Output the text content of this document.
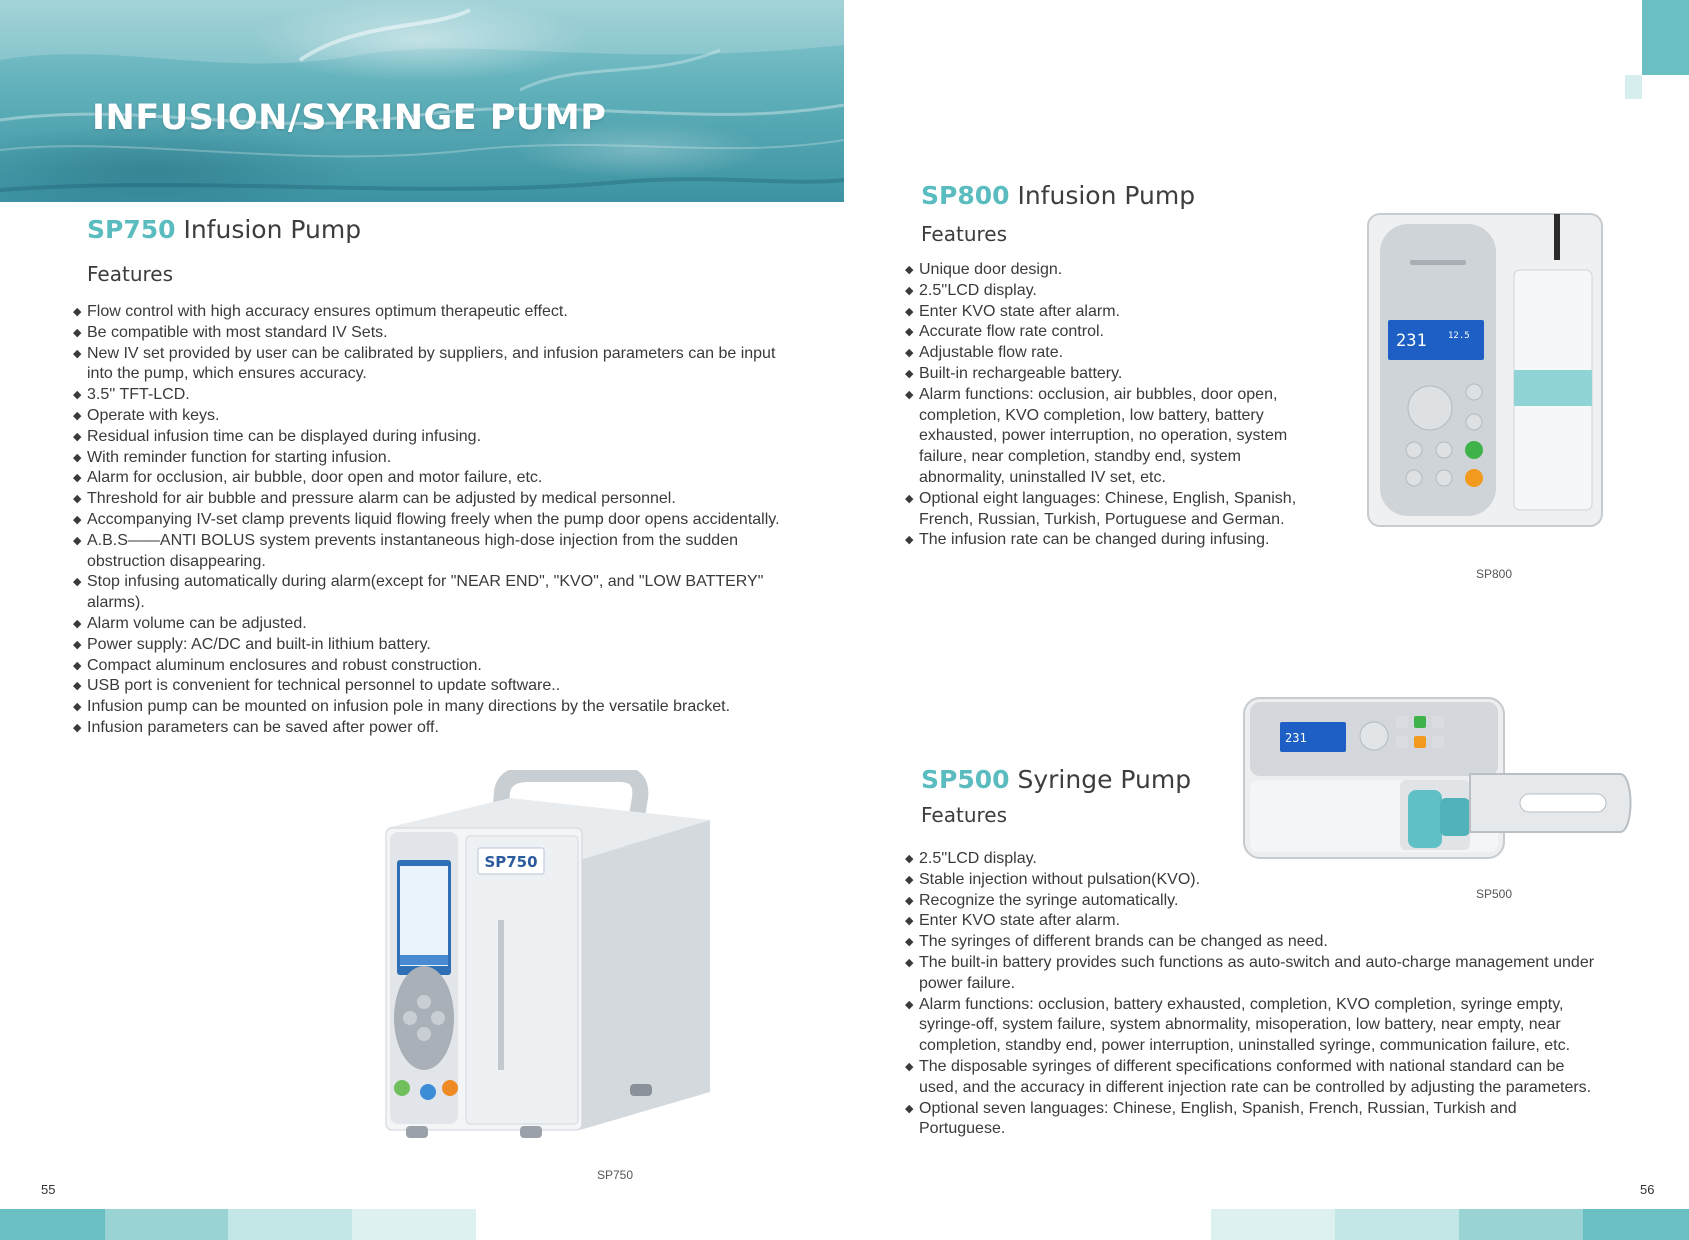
INFUSION/SYRINGE PUMP
SP750 Infusion Pump
Features
◆ Flow control with high accuracy ensures optimum therapeutic effect.
◆ Be compatible with most standard IV Sets.
◆ New IV set provided by user can be calibrated by suppliers, and infusion parameters can be input into the pump, which ensures accuracy.
◆ 3.5'' TFT-LCD.
◆ Operate with keys.
◆ Residual infusion time can be displayed during infusing.
◆ With reminder function for starting infusion.
◆ Alarm for occlusion, air bubble, door open and motor failure, etc.
◆ Threshold for air bubble and pressure alarm can be adjusted by medical personnel.
◆ Accompanying IV-set clamp prevents liquid flowing freely when the pump door opens accidentally.
◆ A.B.S——ANTI BOLUS system prevents instantaneous high-dose injection from the sudden obstruction disappearing.
◆ Stop infusing automatically during alarm(except for "NEAR END", "KVO", and "LOW BATTERY" alarms).
◆ Alarm volume can be adjusted.
◆ Power supply: AC/DC and built-in lithium battery.
◆ Compact aluminum enclosures and robust construction.
◆ USB port is convenient for technical personnel to update software..
◆ Infusion pump can be mounted on infusion pole in many directions by the versatile bracket.
◆ Infusion parameters can be saved after power off.
SP750
SP750
SP800 Infusion Pump
Features
◆ Unique door design.
◆ 2.5''LCD display.
◆ Enter KVO state after alarm.
◆ Accurate flow rate control.
◆ Adjustable flow rate.
◆ Built-in rechargeable battery.
◆ Alarm functions: occlusion, air bubbles, door open, completion, KVO completion, low battery, battery exhausted, power interruption, no operation, system failure, near completion, standby end, system abnormality, uninstalled IV set, etc.
◆ Optional eight languages: Chinese, English, Spanish, French, Russian, Turkish, Portuguese and German.
◆ The infusion rate can be changed during infusing.
231 12.5
SP800
SP500 Syringe Pump
Features
◆ 2.5''LCD display.
◆ Stable injection without pulsation(KVO).
◆ Recognize the syringe automatically.
◆ Enter KVO state after alarm.
◆ The syringes of different brands can be changed as need.
◆ The built-in battery provides such functions as auto-switch and auto-charge management under power failure.
◆ Alarm functions: occlusion, battery exhausted, completion, KVO completion, syringe empty, syringe-off, system failure, system abnormality, misoperation, low battery, near empty, near completion, standby end, power interruption, uninstalled syringe, communication failure, etc.
◆ The disposable syringes of different specifications conformed with national standard can be used, and the accuracy in different injection rate can be controlled by adjusting the parameters.
◆ Optional seven languages: Chinese, English, Spanish, French, Russian, Turkish and Portuguese.
231
SP500
55	56
